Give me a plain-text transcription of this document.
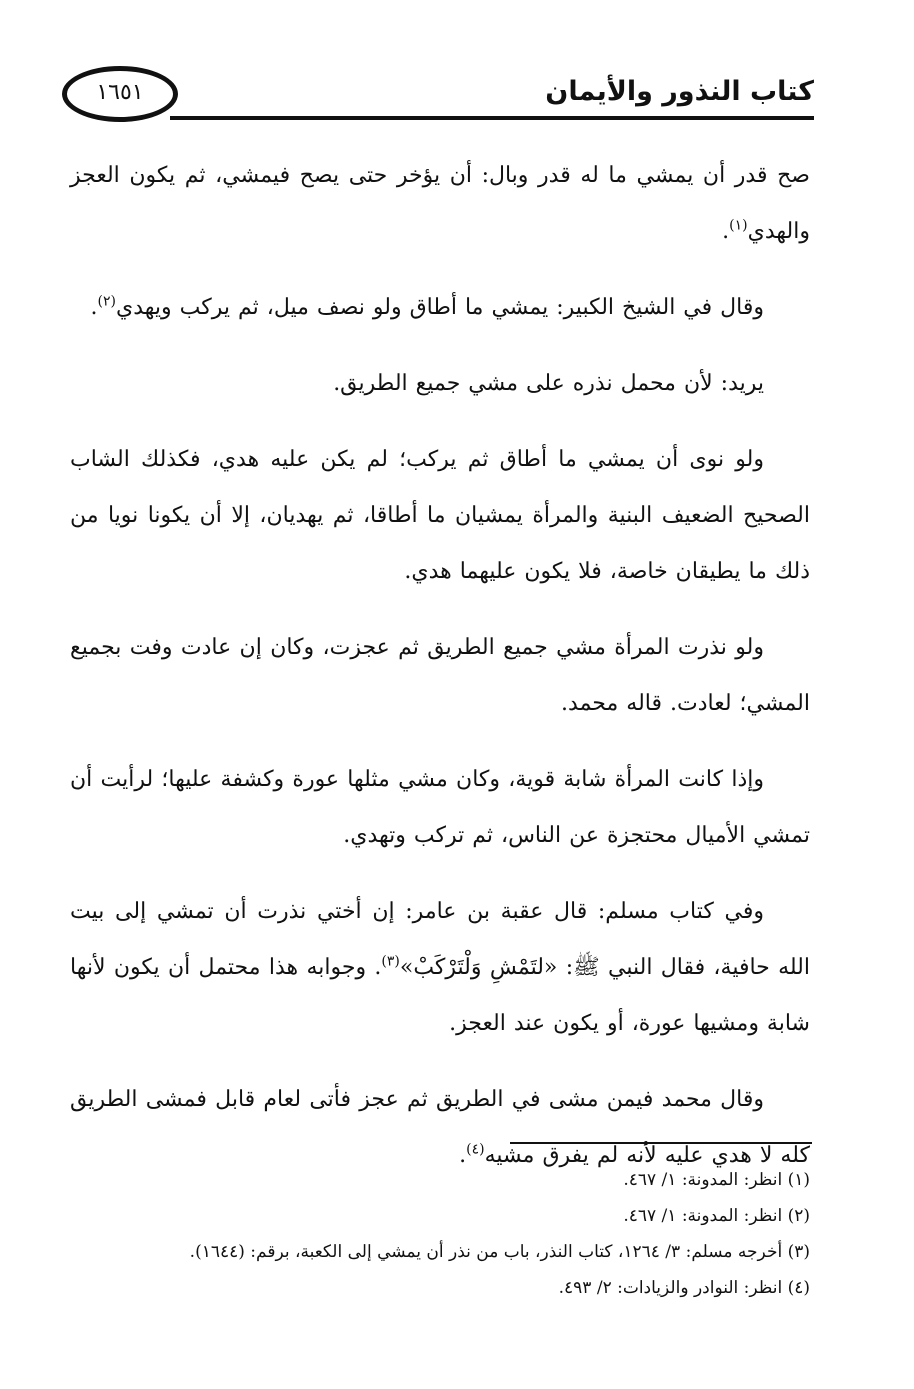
كتاب النذور والأيمان
١٦٥١

صح قدر أن يمشي ما له قدر وبال: أن يؤخر حتى يصح فيمشي، ثم يكون العجز والهدي$^{(١)}$.

وقال في الشيخ الكبير: يمشي ما أطاق ولو نصف ميل، ثم يركب ويهدي$^{(٢)}$.

يريد: لأن محمل نذره على مشي جميع الطريق.

ولو نوى أن يمشي ما أطاق ثم يركب؛ لم يكن عليه هدي، فكذلك الشاب الصحيح الضعيف البنية والمرأة يمشيان ما أطاقا، ثم يهديان، إلا أن يكونا نويا من ذلك ما يطيقان خاصة، فلا يكون عليهما هدي.

ولو نذرت المرأة مشي جميع الطريق ثم عجزت، وكان إن عادت وفت بجميع المشي؛ لعادت. قاله محمد.

وإذا كانت المرأة شابة قوية، وكان مشي مثلها عورة وكشفة عليها؛ لرأيت أن تمشي الأميال محتجزة عن الناس، ثم تركب وتهدي.

وفي كتاب مسلم: قال عقبة بن عامر: إن أختي نذرت أن تمشي إلى بيت الله حافية، فقال النبي ﷺ: «لتَمْشِ وَلْتَرْكَبْ»$^{(٣)}$. وجوابه هذا محتمل أن يكون لأنها شابة ومشيها عورة، أو يكون عند العجز.

وقال محمد فيمن مشى في الطريق ثم عجز فأتى لعام قابل فمشى الطريق كله لا هدي عليه لأنه لم يفرق مشيه$^{(٤)}$.

(١) انظر: المدونة: ١/ ٤٦٧.

(٢) انظر: المدونة: ١/ ٤٦٧.

(٣) أخرجه مسلم: ٣/ ١٢٦٤، كتاب النذر، باب من نذر أن يمشي إلى الكعبة، برقم: (١٦٤٤).

(٤) انظر: النوادر والزيادات: ٢/ ٤٩٣.
